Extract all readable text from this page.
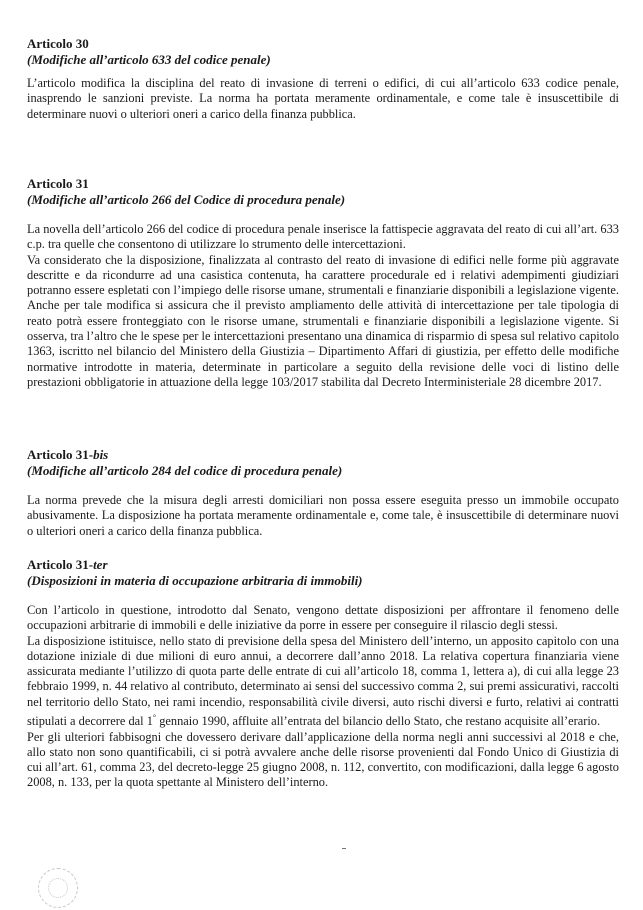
Articolo 30

(Modifiche all’articolo 633 del codice penale)

L’articolo modifica la disciplina del reato di invasione di terreni o edifici, di cui all’articolo 633 codice penale, inasprendo le sanzioni previste. La norma ha portata meramente ordinamentale, e come tale è insuscettibile di determinare nuovi o ulteriori oneri a carico della finanza pubblica.

Articolo 31

(Modifiche all’articolo 266 del Codice di procedura penale)

La novella dell’articolo 266 del codice di procedura penale inserisce la fattispecie aggravata del reato di cui all’art. 633 c.p. tra quelle che consentono di utilizzare lo strumento delle intercettazioni.

Va considerato che la disposizione, finalizzata al contrasto del reato di invasione di edifici nelle forme più aggravate descritte e da ricondurre ad una casistica contenuta, ha carattere procedurale ed i relativi adempimenti giudiziari potranno essere espletati con l’impiego delle risorse umane, strumentali e finanziarie disponibili a legislazione vigente. Anche per tale modifica si assicura che il previsto ampliamento delle attività di intercettazione per tale tipologia di reato potrà essere fronteggiato con le risorse umane, strumentali e finanziarie disponibili a legislazione vigente. Si osserva, tra l’altro che le spese per le intercettazioni presentano una dinamica di risparmio di spesa sul relativo capitolo 1363, iscritto nel bilancio del Ministero della Giustizia – Dipartimento Affari di giustizia, per effetto delle modifiche normative introdotte in materia, determinate in particolare a seguito della revisione delle voci di listino delle prestazioni obbligatorie in attuazione della legge 103/2017 stabilita dal Decreto Interministeriale 28 dicembre 2017.

Articolo 31-bis

(Modifiche all’articolo 284 del codice di procedura penale)

La norma prevede che la misura degli arresti domiciliari non possa essere eseguita presso un immobile occupato abusivamente. La disposizione ha portata meramente ordinamentale e, come tale, è insuscettibile di determinare nuovi o ulteriori oneri a carico della finanza pubblica.

Articolo 31-ter

(Disposizioni in materia di occupazione arbitraria di immobili)

Con l’articolo in questione, introdotto dal Senato, vengono dettate disposizioni per affrontare il fenomeno delle occupazioni arbitrarie di immobili e delle iniziative da porre in essere per conseguire il rilascio degli stessi.

La disposizione istituisce, nello stato di previsione della spesa del Ministero dell’interno, un apposito capitolo con una dotazione iniziale di due milioni di euro annui, a decorrere dall’anno 2018. La relativa copertura finanziaria viene assicurata mediante l’utilizzo di quota parte delle entrate di cui all’articolo 18, comma 1, lettera a), di cui alla legge 23 febbraio 1999, n. 44 relativo al contributo, determinato ai sensi del successivo comma 2, sui premi assicurativi, raccolti nel territorio dello Stato, nei rami incendio, responsabilità civile diversi, auto rischi diversi e furto, relativi ai contratti stipulati a decorrere dal 1° gennaio 1990, affluite all’entrata del bilancio dello Stato, che restano acquisite all’erario.

Per gli ulteriori fabbisogni che dovessero derivare dall’applicazione della norma negli anni successivi al 2018 e che, allo stato non sono quantificabili, ci si potrà avvalere anche delle risorse provenienti dal Fondo Unico di Giustizia di cui all’art. 61, comma 23, del decreto-legge 25 giugno 2008, n. 112, convertito, con modificazioni, dalla legge 6 agosto 2008, n. 133, per la quota spettante al Ministero dell’interno.
